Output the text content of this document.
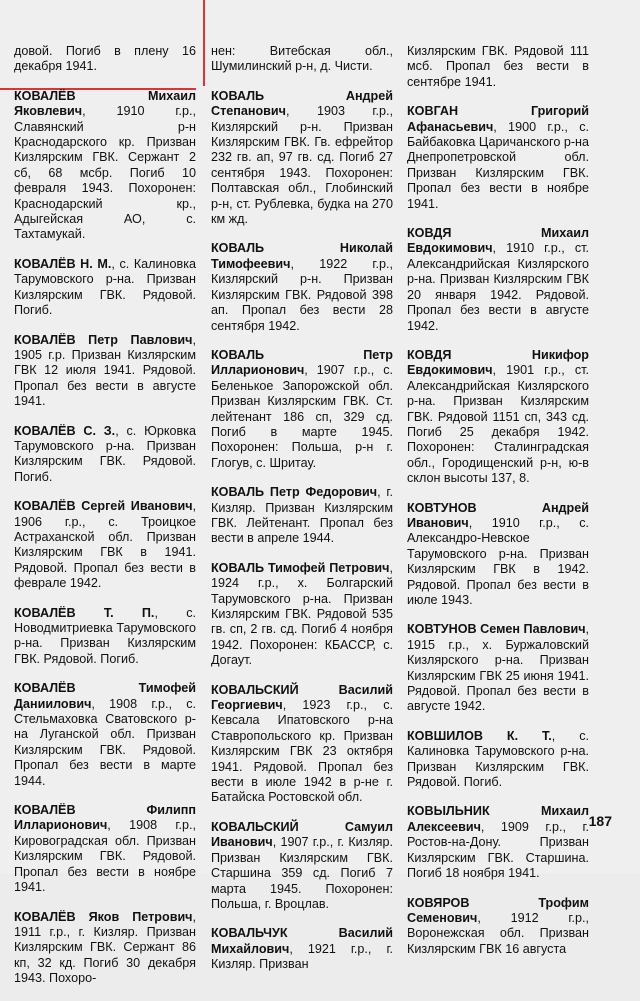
довой. Погиб в плену 16 декабря 1941.
КОВАЛЁВ Михаил Яковлевич, 1910 г.р., Славянский р-н Краснодарского кр. Призван Кизлярским ГВК. Сержант 2 сб, 68 мсбр. Погиб 10 февраля 1943. Похоронен: Краснодарский кр., Адыгейская АО, с. Тахтамукай.
КОВАЛЁВ Н. М., с. Калиновка Тарумовского р-на. Призван Кизлярским ГВК. Рядовой. Погиб.
КОВАЛЁВ Петр Павлович, 1905 г.р. Призван Кизлярским ГВК 12 июля 1941. Рядовой. Пропал без вести в августе 1941.
КОВАЛЁВ С. З., с. Юрковка Тарумовского р-на. Призван Кизлярским ГВК. Рядовой. Погиб.
КОВАЛЁВ Сергей Иванович, 1906 г.р., с. Троицкое Астраханской обл. Призван Кизлярским ГВК в 1941. Рядовой. Пропал без вести в феврале 1942.
КОВАЛЁВ Т. П., с. Новодмитриевка Тарумовского р-на. Призван Кизлярским ГВК. Рядовой. Погиб.
КОВАЛЁВ Тимофей Даниилович, 1908 г.р., с. Стельмаховка Сватовского р-на Луганской обл. Призван Кизлярским ГВК. Рядовой. Пропал без вести в марте 1944.
КОВАЛЁВ Филипп Илларионович, 1908 г.р., Кировоградская обл. Призван Кизлярским ГВК. Рядовой. Пропал без вести в ноябре 1941.
КОВАЛЁВ Яков Петрович, 1911 г.р., г. Кизляр. Призван Кизлярским ГВК. Сержант 86 кп, 32 кд. Погиб 30 декабря 1943. Похоро-
нен: Витебская обл., Шумилинский р-н, д. Чисти.
КОВАЛЬ Андрей Степанович, 1903 г.р., Кизлярский р-н. Призван Кизлярским ГВК. Гв. ефрейтор 232 гв. ап, 97 гв. сд. Погиб 27 сентября 1943. Похоронен: Полтавская обл., Глобинский р-н, ст. Рублевка, будка на 270 км жд.
КОВАЛЬ Николай Тимофеевич, 1922 г.р., Кизлярский р-н. Призван Кизлярским ГВК. Рядовой 398 ап. Пропал без вести 28 сентября 1942.
КОВАЛЬ Петр Илларионович, 1907 г.р., с. Беленькое Запорожской обл. Призван Кизлярским ГВК. Ст. лейтенант 186 сп, 329 сд. Погиб в марте 1945. Похоронен: Польша, р-н г. Глогув, с. Шритау.
КОВАЛЬ Петр Федорович, г. Кизляр. Призван Кизлярским ГВК. Лейтенант. Пропал без вести в апреле 1944.
КОВАЛЬ Тимофей Петрович, 1924 г.р., х. Болгарский Тарумовского р-на. Призван Кизлярским ГВК. Рядовой 535 гв. сп, 2 гв. сд. Погиб 4 ноября 1942. Похоронен: КБАССР, с. Догаут.
КОВАЛЬСКИЙ Василий Георгиевич, 1923 г.р., с. Кевсала Ипатовского р-на Ставропольского кр. Призван Кизлярским ГВК 23 октября 1941. Рядовой. Пропал без вести в июле 1942 в р-не г. Батайска Ростовской обл.
КОВАЛЬСКИЙ Самуил Иванович, 1907 г.р., г. Кизляр. Призван Кизлярским ГВК. Старшина 359 сд. Погиб 7 марта 1945. Похоронен: Польша, г. Вроцлав.
КОВАЛЬЧУК Василий Михайлович, 1921 г.р., г. Кизляр. Призван
Кизлярским ГВК. Рядовой 111 мсб. Пропал без вести в сентябре 1941.
КОВГАН Григорий Афанасьевич, 1900 г.р., с. Байбаковка Царичанского р-на Днепропетровской обл. Призван Кизлярским ГВК. Пропал без вести в ноябре 1941.
КОВДЯ Михаил Евдокимович, 1910 г.р., ст. Александрийская Кизлярского р-на. Призван Кизлярским ГВК 20 января 1942. Рядовой. Пропал без вести в августе 1942.
КОВДЯ Никифор Евдокимович, 1901 г.р., ст. Александрийская Кизлярского р-на. Призван Кизлярским ГВК. Рядовой 1151 сп, 343 сд. Погиб 25 декабря 1942. Похоронен: Сталинградская обл., Городищенский р-н, ю-в склон высоты 137, 8.
КОВТУНОВ Андрей Иванович, 1910 г.р., с. Александро-Невское Тарумовского р-на. Призван Кизлярским ГВК в 1942. Рядовой. Пропал без вести в июле 1943.
КОВТУНОВ Семен Павлович, 1915 г.р., х. Буржаловский Кизлярского р-на. Призван Кизлярским ГВК 25 июня 1941. Рядовой. Пропал без вести в августе 1942.
КОВШИЛОВ К. Т., с. Калиновка Тарумовского р-на. Призван Кизлярским ГВК. Рядовой. Погиб.
КОВЫЛЬНИК Михаил Алексеевич, 1909 г.р., г. Ростов-на-Дону. Призван Кизлярским ГВК. Старшина. Погиб 18 ноября 1941.
КОВЯРОВ Трофим Семенович, 1912 г.р., Воронежская обл. Призван Кизлярским ГВК 16 августа
187
